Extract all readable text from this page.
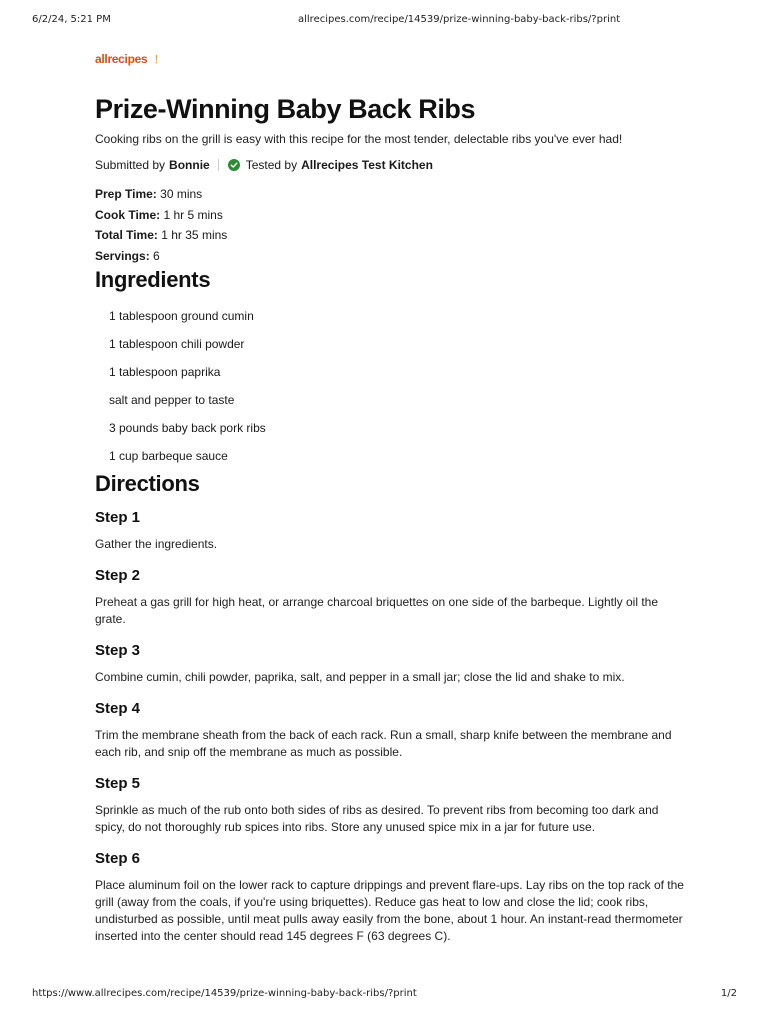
6/2/24, 5:21 PM	allrecipes.com/recipe/14539/prize-winning-baby-back-ribs/?print
allrecipes  ﹗
Prize-Winning Baby Back Ribs

Cooking ribs on the grill is easy with this recipe for the most tender, delectable ribs you've ever had!

Submitted by Bonnie	Tested by Allrecipes Test Kitchen
Prep Time: 30 mins
Cook Time: 1 hr 5 mins
Total Time: 1 hr 35 mins
Servings: 6
Ingredients
1 tablespoon ground cumin
1 tablespoon chili powder
1 tablespoon paprika
salt and pepper to taste
3 pounds baby back pork ribs
1 cup barbeque sauce
Directions
Step 1

Gather the ingredients.

Step 2

Preheat a gas grill for high heat, or arrange charcoal briquettes on one side of the barbeque. Lightly oil the grate.

Step 3

Combine cumin, chili powder, paprika, salt, and pepper in a small jar; close the lid and shake to mix.

Step 4

Trim the membrane sheath from the back of each rack. Run a small, sharp knife between the membrane and each rib, and snip off the membrane as much as possible.

Step 5

Sprinkle as much of the rub onto both sides of ribs as desired. To prevent ribs from becoming too dark and spicy, do not thoroughly rub spices into ribs. Store any unused spice mix in a jar for future use.

Step 6

Place aluminum foil on the lower rack to capture drippings and prevent flare-ups. Lay ribs on the top rack of the grill (away from the coals, if you're using briquettes). Reduce gas heat to low and close the lid; cook ribs, undisturbed as possible, until meat pulls away easily from the bone, about 1 hour. An instant-read thermometer inserted into the center should read 145 degrees F (63 degrees C).

https://www.allrecipes.com/recipe/14539/prize-winning-baby-back-ribs/?print	1/2
